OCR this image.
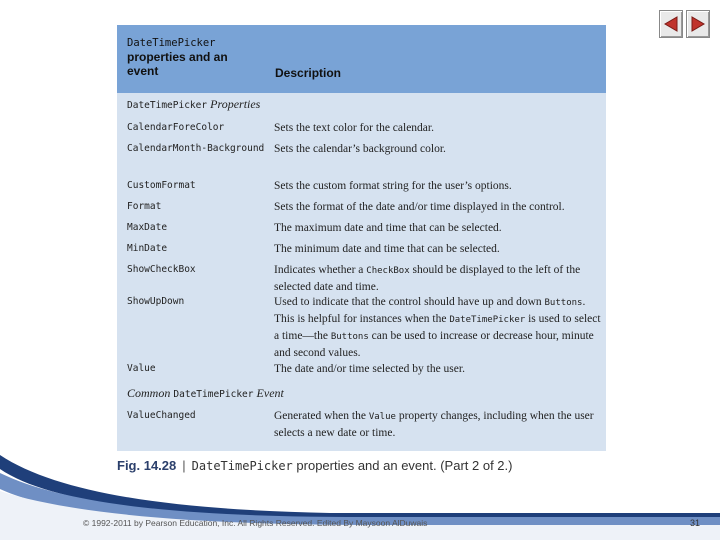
DateTimePicker
properties and an
event	Description
DateTimePicker Properties
CalendarForeColor	Sets the text color for the calendar.
CalendarMonth-Background Sets the calendar’s background color.
CustomFormat	Sets the custom format string for the user’s options.
Format	Sets the format of the date and/or time displayed in the control.
MaxDate	The maximum date and time that can be selected.
MinDate	The minimum date and time that can be selected.
ShowCheckBox	Indicates whether a CheckBox should be displayed to the left of the selected date and time.
ShowUpDown	Used to indicate that the control should have up and down Buttons. This is helpful for instances when the DateTimePicker is used to select a time—the Buttons can be used to increase or decrease hour, minute and second values.
Value	The date and/or time selected by the user.
Common DateTimePicker Event
ValueChanged	Generated when the Value property changes, including when the user selects a new date or time.
Fig. 14.28 | DateTimePicker properties and an event. (Part 2 of 2.)
© 1992-2011 by Pearson Education, Inc. All Rights Reserved. Edited By Maysoon AlDuwais	31
